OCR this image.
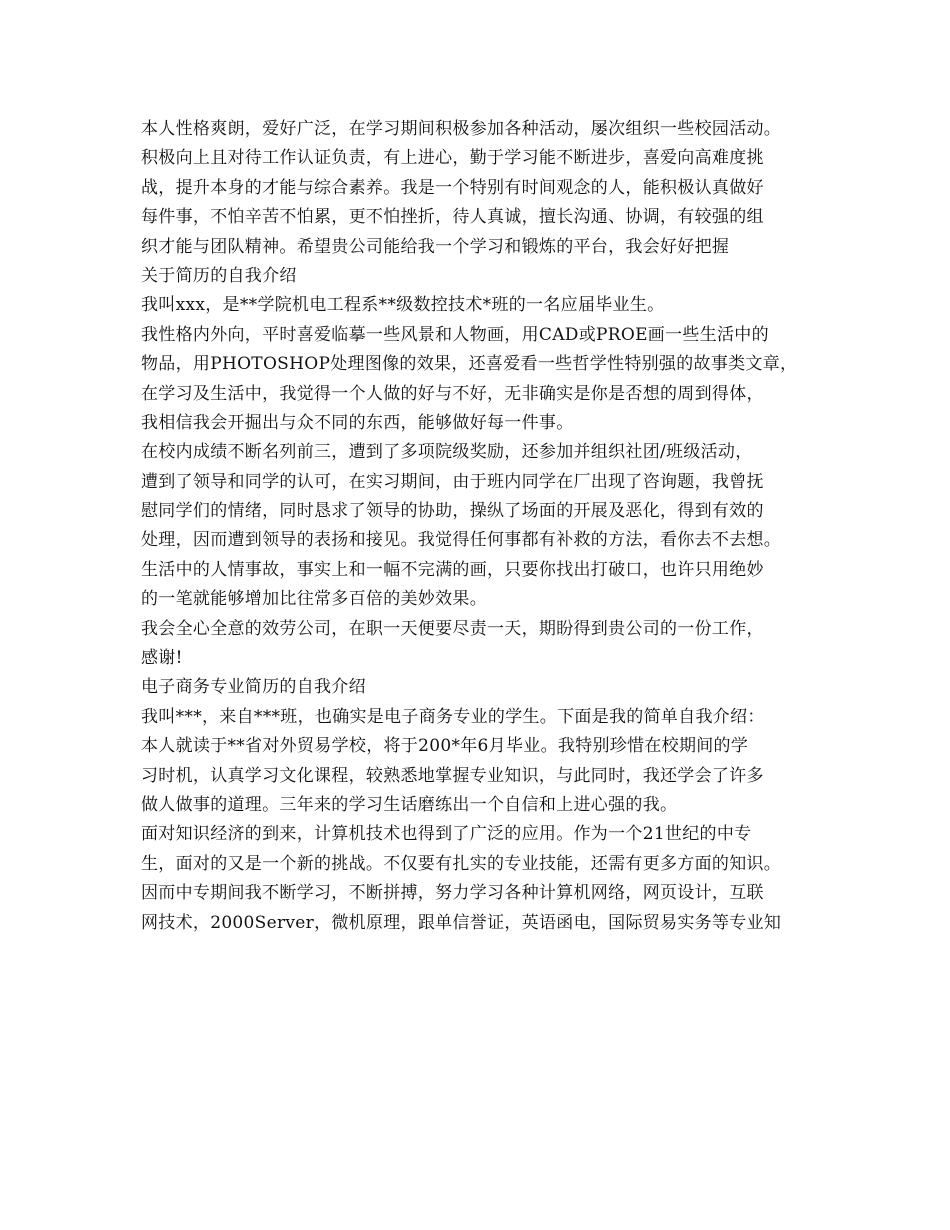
本人性格爽朗，爱好广泛，在学习期间积极参加各种活动，屡次组织一些校园活动。
积极向上且对待工作认证负责，有上进心，勤于学习能不断进步，喜爱向高难度挑
战，提升本身的才能与综合素养。我是一个特别有时间观念的人，能积极认真做好
每件事，不怕辛苦不怕累，更不怕挫折，待人真诚，擅长沟通、协调，有较强的组
织才能与团队精神。希望贵公司能给我一个学习和锻炼的平台，我会好好把握
关于简历的自我介绍
我叫xxx，是**学院机电工程系**级数控技术*班的一名应届毕业生。
我性格内外向，平时喜爱临摹一些风景和人物画，用CAD或PROE画一些生活中的
物品，用PHOTOSHOP处理图像的效果，还喜爱看一些哲学性特别强的故事类文章，
在学习及生活中，我觉得一个人做的好与不好，无非确实是你是否想的周到得体，
我相信我会开掘出与众不同的东西，能够做好每一件事。
在校内成绩不断名列前三，遭到了多项院级奖励，还参加并组织社团/班级活动，
遭到了领导和同学的认可，在实习期间，由于班内同学在厂出现了咨询题，我曾抚
慰同学们的情绪，同时恳求了领导的协助，操纵了场面的开展及恶化，得到有效的
处理，因而遭到领导的表扬和接见。我觉得任何事都有补救的方法，看你去不去想。
生活中的人情事故，事实上和一幅不完满的画，只要你找出打破口，也许只用绝妙
的一笔就能够增加比往常多百倍的美妙效果。
我会全心全意的效劳公司，在职一天便要尽责一天，期盼得到贵公司的一份工作，
感谢!
电子商务专业简历的自我介绍
我叫***，来自***班，也确实是电子商务专业的学生。下面是我的简单自我介绍：
本人就读于**省对外贸易学校，将于200*年6月毕业。我特别珍惜在校期间的学
习时机，认真学习文化课程，较熟悉地掌握专业知识，与此同时，我还学会了许多
做人做事的道理。三年来的学习生话磨练出一个自信和上进心强的我。
面对知识经济的到来，计算机技术也得到了广泛的应用。作为一个21世纪的中专
生，面对的又是一个新的挑战。不仅要有扎实的专业技能，还需有更多方面的知识。
因而中专期间我不断学习，不断拼搏，努力学习各种计算机网络，网页设计，互联
网技术，2000Server，微机原理，跟单信誉证，英语函电，国际贸易实务等专业知
